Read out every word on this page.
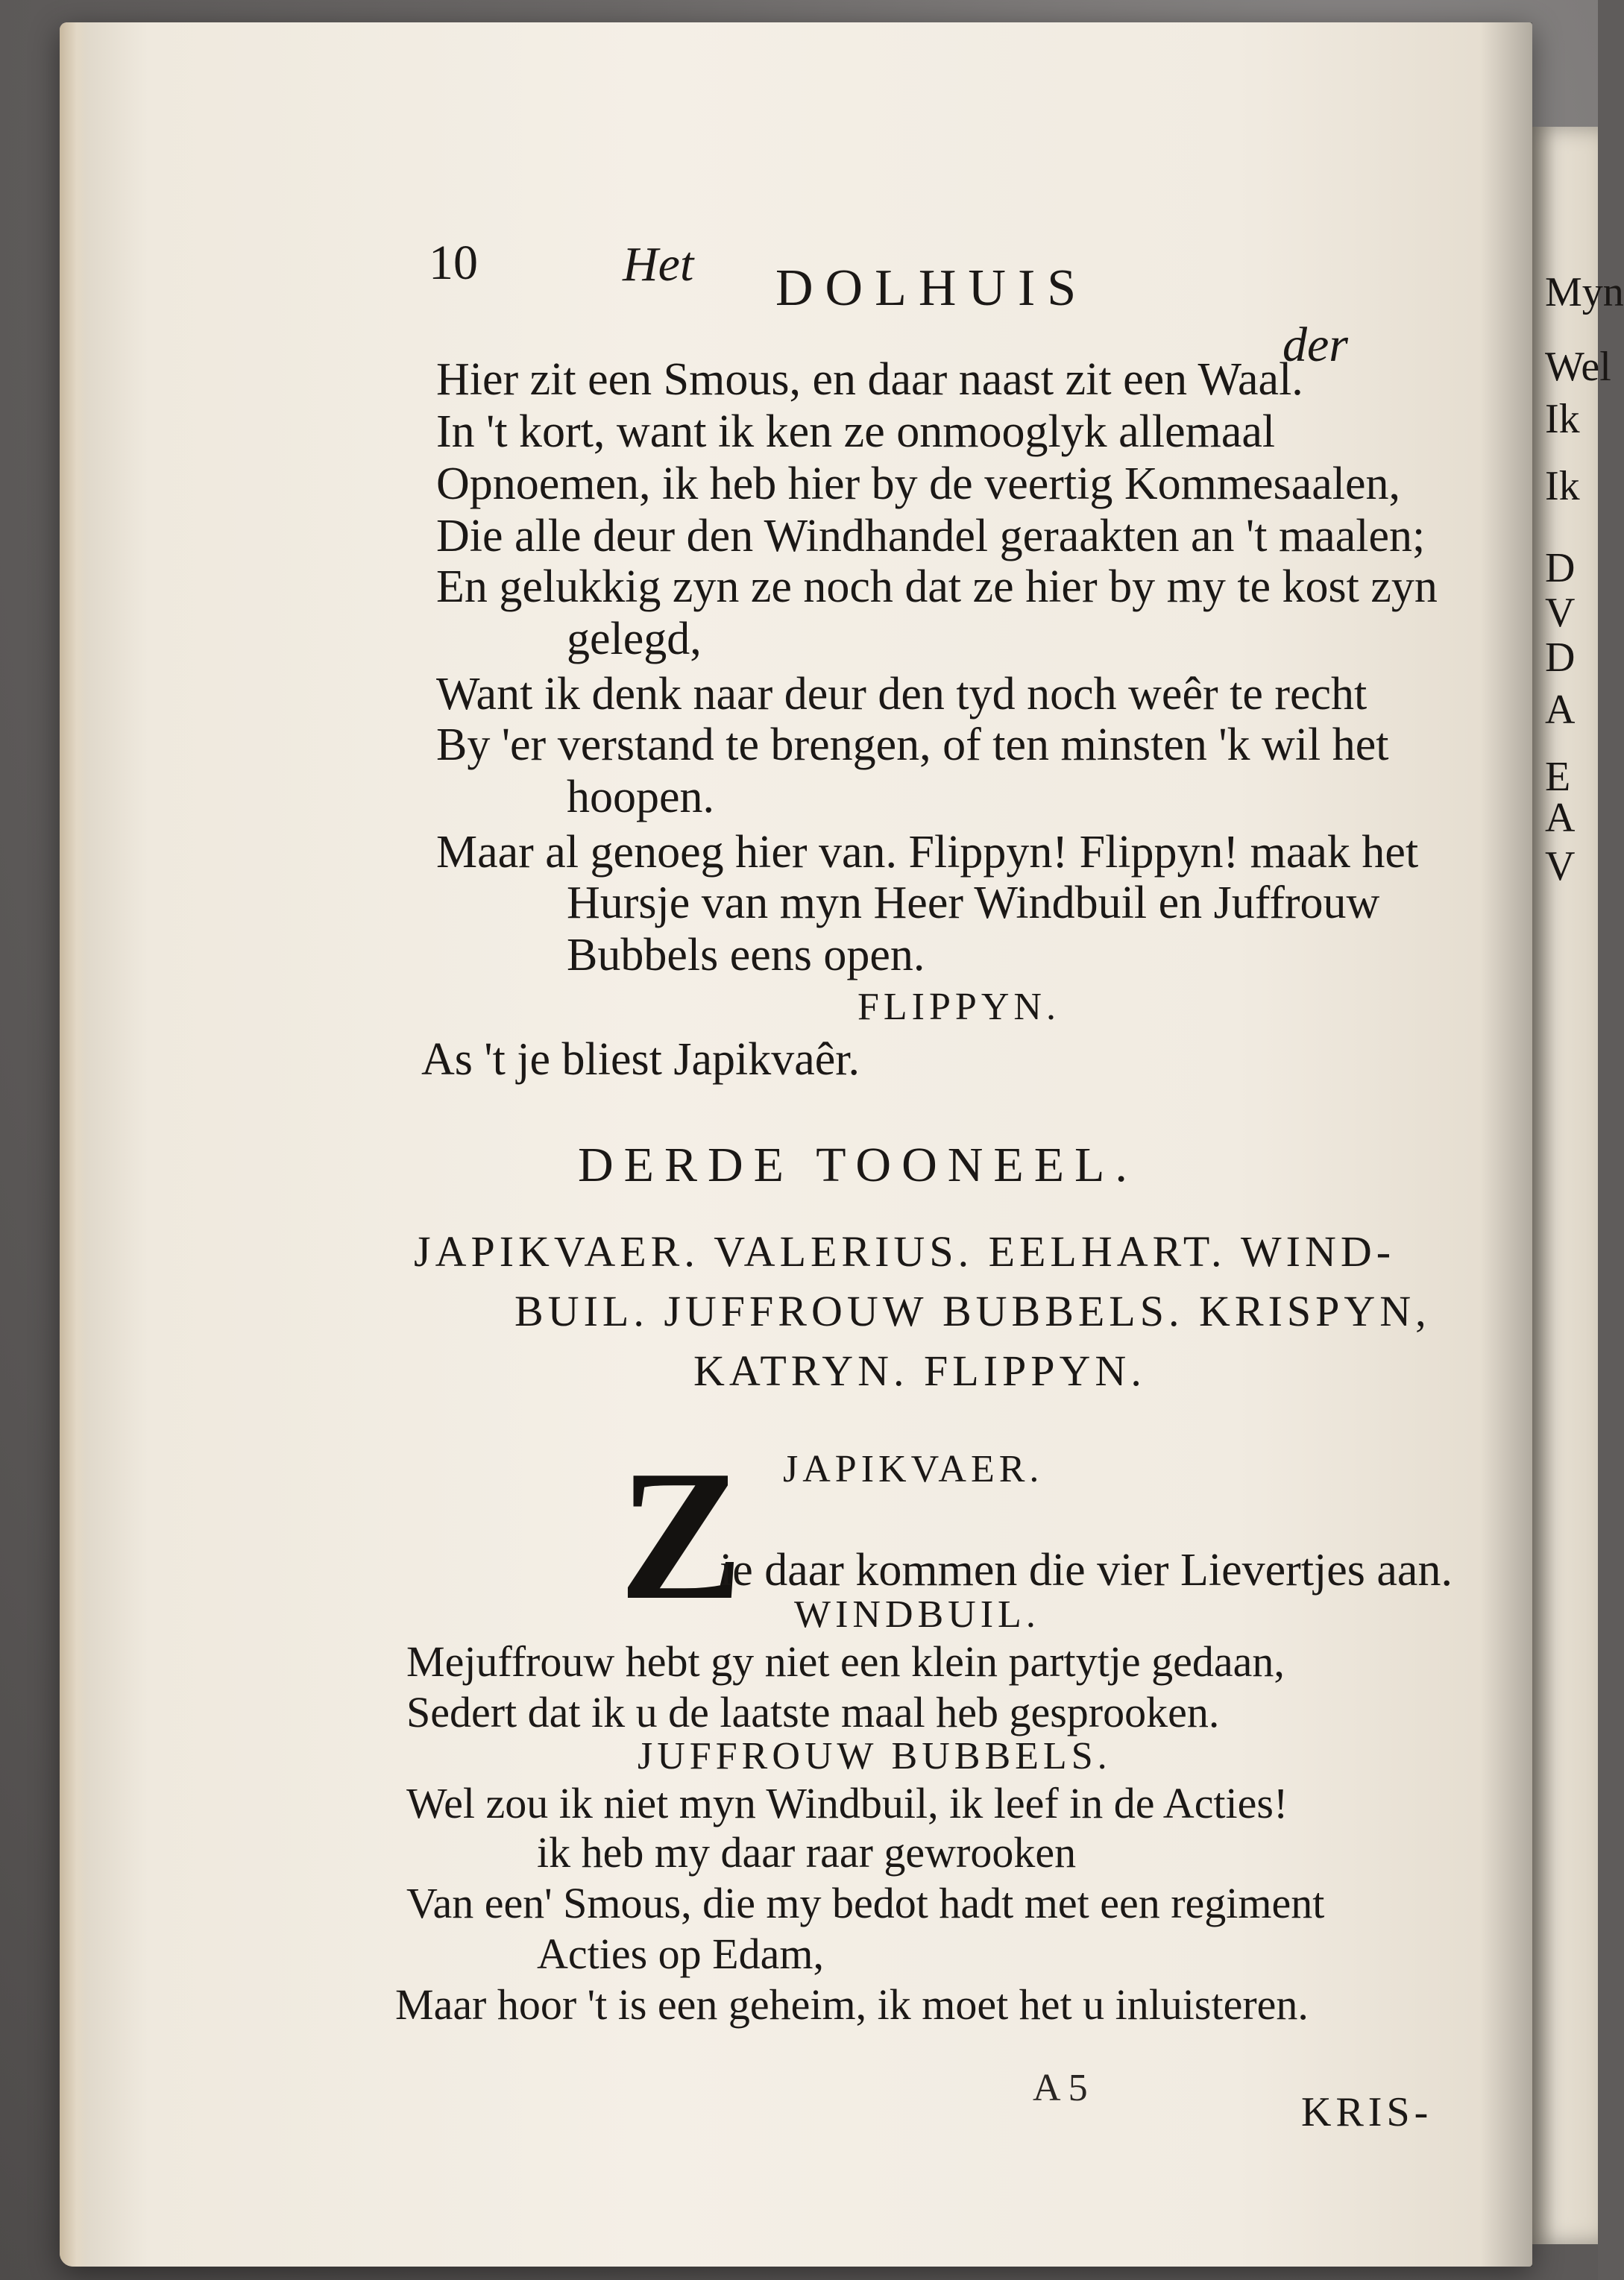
Myn
Wel
Ik
Ik
D
V
D
A
E
A
V
10	Het DOLHUIS
der
Hier zit een Smous, en daar naast zit een Waal.
In 't kort, want ik ken ze onmooglyk allemaal
Opnoemen, ik heb hier by de veertig Kommesaalen,
Die alle deur den Windhandel geraakten an 't maalen;
En gelukkig zyn ze noch dat ze hier by my te kost zyn
gelegd,
Want ik denk naar deur den tyd noch weêr te recht
By 'er verstand te brengen, of ten minsten 'k wil het
hoopen.
Maar al genoeg hier van. Flippyn! Flippyn! maak het
Hursje van myn Heer Windbuil en Juffrouw
Bubbels eens open.
FLIPPYN.
As 't je bliest Japikvaêr.
DERDE TOONEEL.
JAPIKVAER. VALERIUS. EELHART. WIND-
BUIL. JUFFROUW BUBBELS. KRISPYN,
KATRYN. FLIPPYN.
JAPIKVAER.
Z
ie daar kommen die vier Lievertjes aan.
WINDBUIL.
Mejuffrouw hebt gy niet een klein partytje gedaan,
Sedert dat ik u de laatste maal heb gesprooken.
JUFFROUW BUBBELS.
Wel zou ik niet myn Windbuil, ik leef in de Acties!
ik heb my daar raar gewrooken
Van een' Smous, die my bedot hadt met een regiment
Acties op Edam,
Maar hoor 't is een geheim, ik moet het u inluisteren.
A 5
KRIS-
